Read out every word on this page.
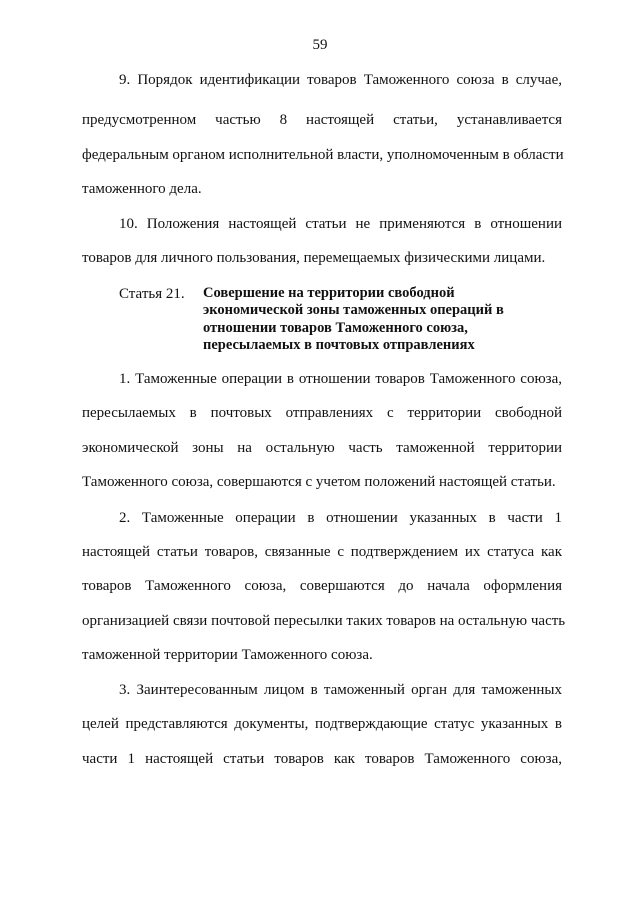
59
9. Порядок идентификации товаров Таможенного союза в случае,
предусмотренном частью 8 настоящей статьи, устанавливается
федеральным органом исполнительной власти, уполномоченным в области
таможенного дела.
10. Положения настоящей статьи не применяются в отношении
товаров для личного пользования, перемещаемых физическими лицами.
Статья 21. Совершение на территории свободной
экономической зоны таможенных операций в
отношении товаров Таможенного союза,
пересылаемых в почтовых отправлениях
1. Таможенные операции в отношении товаров Таможенного союза,
пересылаемых в почтовых отправлениях с территории свободной
экономической зоны на остальную часть таможенной территории
Таможенного союза, совершаются с учетом положений настоящей статьи.
2. Таможенные операции в отношении указанных в части 1
настоящей статьи товаров, связанные с подтверждением их статуса как
товаров Таможенного союза, совершаются до начала оформления
организацией связи почтовой пересылки таких товаров на остальную часть
таможенной территории Таможенного союза.
3. Заинтересованным лицом в таможенный орган для таможенных
целей представляются документы, подтверждающие статус указанных в
части 1 настоящей статьи товаров как товаров Таможенного союза,
